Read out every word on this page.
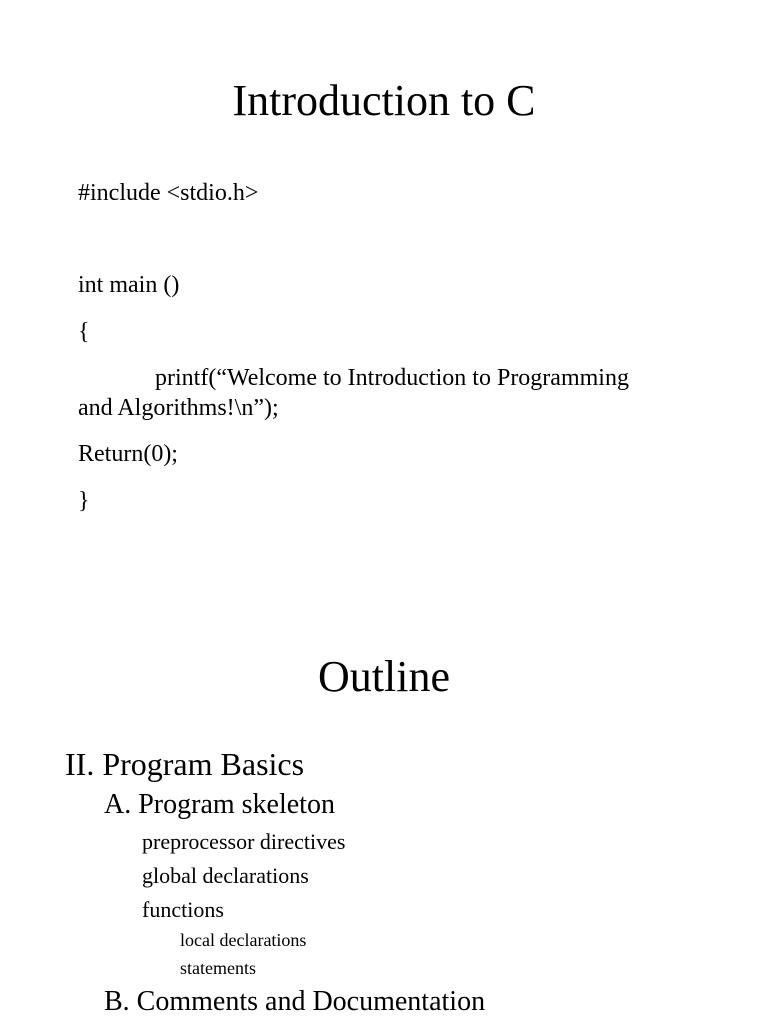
Introduction to C
#include <stdio.h>
int main ()
{
printf(“Welcome to Introduction to Programming
and Algorithms!\n”);
Return(0);
}
Outline
II. Program Basics
A. Program skeleton
preprocessor directives
global declarations
functions
local declarations
statements
B. Comments and Documentation
